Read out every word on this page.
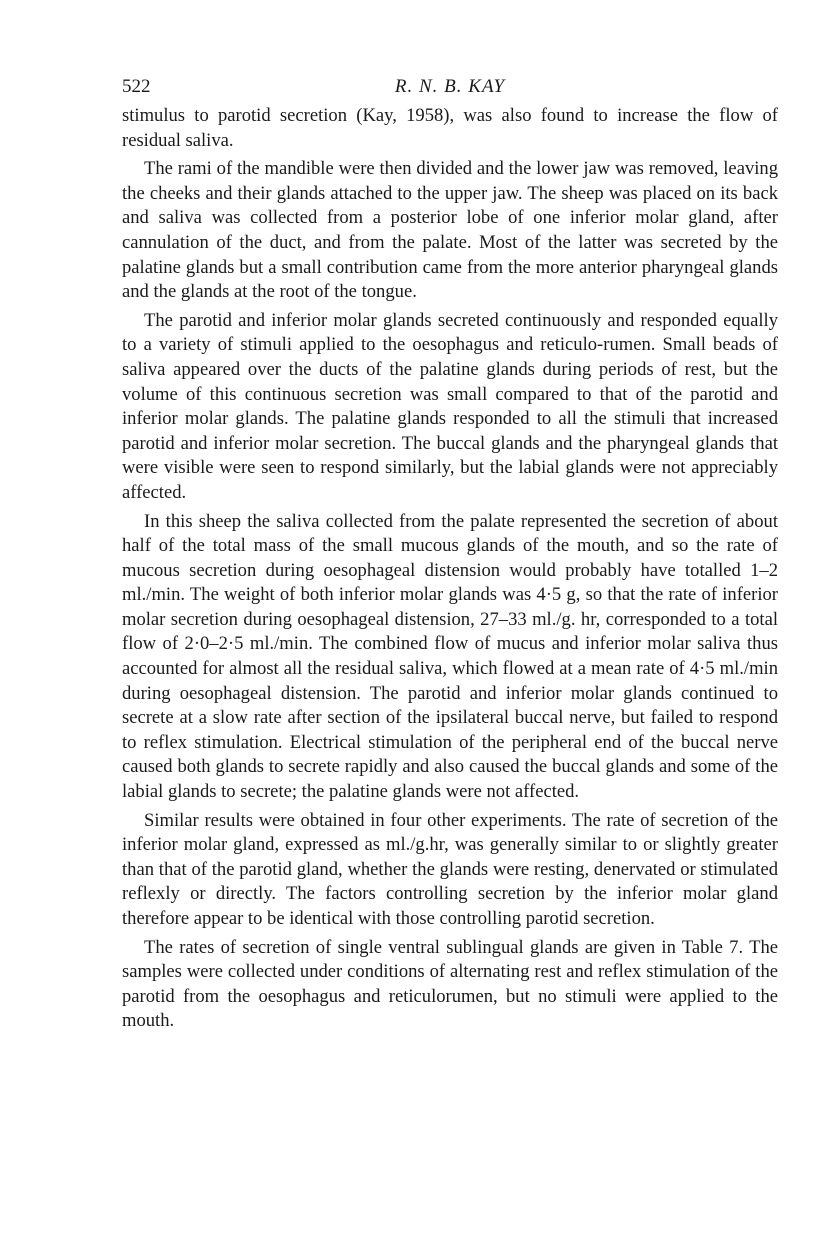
522	R. N. B. KAY

stimulus to parotid secretion (Kay, 1958), was also found to increase the flow of residual saliva.

The rami of the mandible were then divided and the lower jaw was removed, leaving the cheeks and their glands attached to the upper jaw. The sheep was placed on its back and saliva was collected from a posterior lobe of one inferior molar gland, after cannulation of the duct, and from the palate. Most of the latter was secreted by the palatine glands but a small contribution came from the more anterior pharyngeal glands and the glands at the root of the tongue.

The parotid and inferior molar glands secreted continuously and responded equally to a variety of stimuli applied to the oesophagus and reticulo-rumen. Small beads of saliva appeared over the ducts of the palatine glands during periods of rest, but the volume of this continuous secretion was small compared to that of the parotid and inferior molar glands. The palatine glands responded to all the stimuli that increased parotid and inferior molar secretion. The buccal glands and the pharyngeal glands that were visible were seen to respond similarly, but the labial glands were not appreciably affected.

In this sheep the saliva collected from the palate represented the secretion of about half of the total mass of the small mucous glands of the mouth, and so the rate of mucous secretion during oesophageal distension would probably have totalled 1–2 ml./min. The weight of both inferior molar glands was 4·5 g, so that the rate of inferior molar secretion during oesophageal distension, 27–33 ml./g. hr, corresponded to a total flow of 2·0–2·5 ml./min. The combined flow of mucus and inferior molar saliva thus accounted for almost all the residual saliva, which flowed at a mean rate of 4·5 ml./min during oesophageal distension. The parotid and inferior molar glands continued to secrete at a slow rate after section of the ipsilateral buccal nerve, but failed to respond to reflex stimulation. Electrical stimulation of the peripheral end of the buccal nerve caused both glands to secrete rapidly and also caused the buccal glands and some of the labial glands to secrete; the palatine glands were not affected.

Similar results were obtained in four other experiments. The rate of secretion of the inferior molar gland, expressed as ml./g.hr, was generally similar to or slightly greater than that of the parotid gland, whether the glands were resting, denervated or stimulated reflexly or directly. The factors controlling secretion by the inferior molar gland therefore appear to be identical with those controlling parotid secretion.

The rates of secretion of single ventral sublingual glands are given in Table 7. The samples were collected under conditions of alternating rest and reflex stimulation of the parotid from the oesophagus and reticulorumen, but no stimuli were applied to the mouth.
